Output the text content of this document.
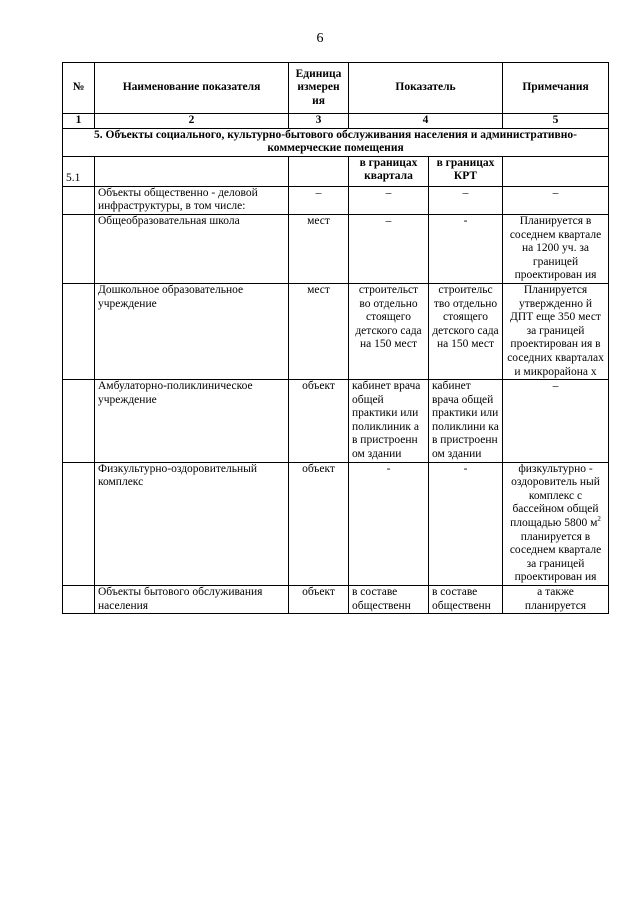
6
№	Наименование показателя	Единица измерен ия	Показатель		Примечания
1	2	3	4		5
5. Объекты социального, культурно-бытового обслуживания населения и административно-коммерческие помещения					
5.1			в границах квартала	в границах КРТ	
	Объекты общественно - деловой инфраструктуры, в том числе:	–	–	–	–
	Общеобразовательная школа	мест	–	-	Планируется в соседнем квартале на 1200 уч. за границей проектирован ия
	Дошкольное образовательное учреждение	мест	строительст во отдельно стоящего детского сада на 150 мест	строительс тво отдельно стоящего детского сада на 150 мест	Планируется утвержденно й ДПТ еще 350 мест за границей проектирован ия в соседних кварталах и микрорайона х
	Амбулаторно-поликлиническое учреждение	объект	кабинет врача общей практики или поликлиник а в пристроенн ом здании	кабинет врача общей практики или поликлини ка в пристроенн ом здании	–
	Физкультурно-оздоровительный комплекс	объект	-	-	физкультурно - оздоровитель ный комплекс с бассейном общей площадью 5800 $м^2$ планируется в соседнем квартале за границей проектирован ия
	Объекты бытового обслуживания населения	объект	в составе общественн	в составе общественн	а также планируется
